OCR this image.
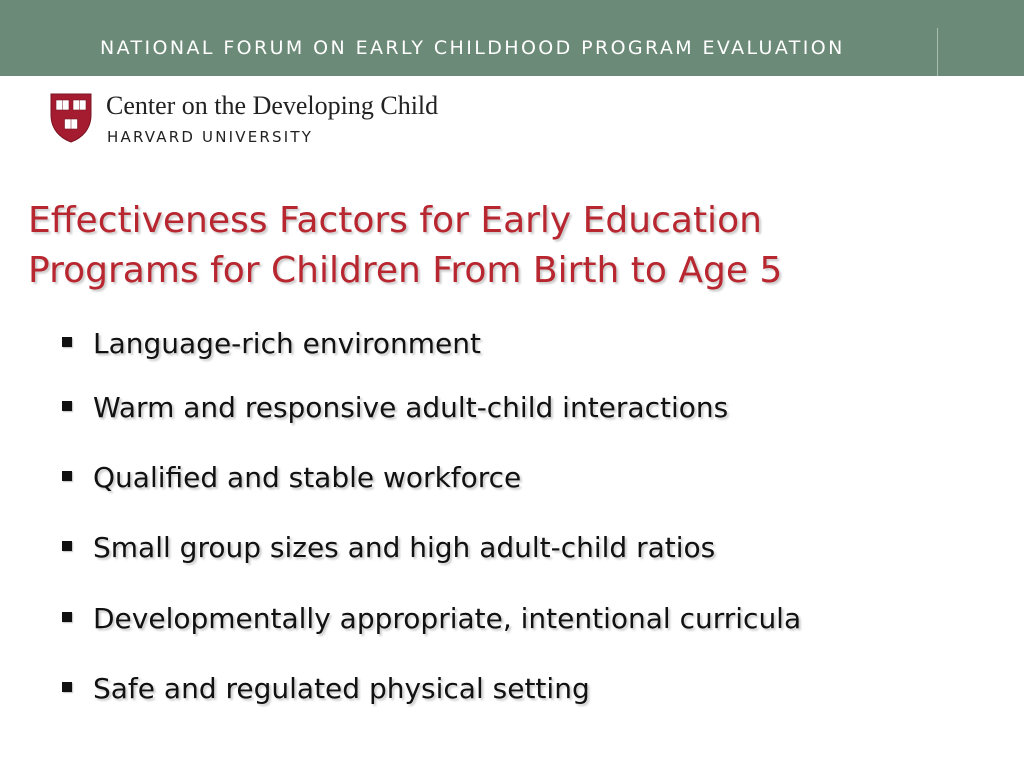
NATIONAL FORUM ON EARLY CHILDHOOD PROGRAM EVALUATION
Center on the Developing Child
HARVARD UNIVERSITY
Effectiveness Factors for Early Education
Programs for Children From Birth to Age 5
Language-rich environment
Warm and responsive adult-child interactions
Qualified and stable workforce
Small group sizes and high adult-child ratios
Developmentally appropriate, intentional curricula
Safe and regulated physical setting
